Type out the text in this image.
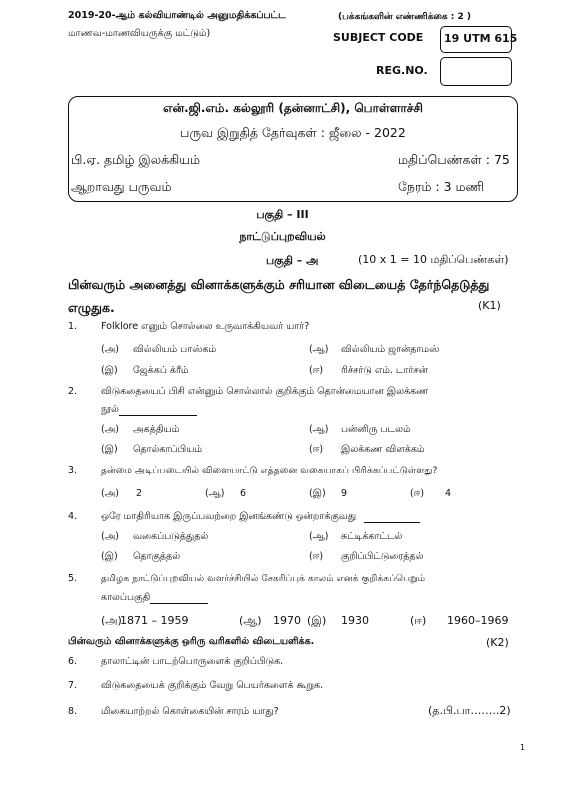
2019-20-ஆம் கல்வியாண்டில் அனுமதிக்கப்பட்ட
மாணவ-மாணவியருக்கு மட்டும்)
(பக்கங்களின் எண்ணிக்கை : 2 )
SUBJECT CODE 19 UTM 615
REG.NO.
என்.ஜி.எம். கல்லூரி (தன்னாட்சி), பொள்ளாச்சி
பருவ இறுதித் தேர்வுகள் : ஜீலை - 2022
பி.ஏ. தமிழ் இலக்கியம்	மதிப்பெண்கள் : 75
ஆறாவது பருவம்	நேரம் : 3 மணி
பகுதி – III
நாட்டுப்புறவியல்
பகுதி – அ	(10 x 1 = 10 மதிப்பெண்கள்)
பின்வரும் அனைத்து வினாக்களுக்கும் சரியான விடையைத் தேர்ந்தெடுத்து
எழுதுக.	(K1)
1.	Folklore எனும் சொல்லை உருவாக்கியவர் யார்?
(அ) வில்லியம் பாஸ்கம்	(ஆ) வில்லியம் ஜான்தாமஸ்
(இ) ஜேக்கப் க்ரீம்	(ஈ) ரிச்சர்டு எம். டார்சன்
2.	விடுகதையைப் பிசி என்னும் சொல்லால் குறிக்கும் தொன்மையான இலக்கண
நூல்
(அ) அகத்தியம்	(ஆ) பன்னிரு படலம்
(இ) தொல்காப்பியம்	(ஈ) இலக்கண விளக்கம்
3.	தன்மை அடிப்படையில் விளையாட்டு எத்தனை வகையாகப் பிரிக்கப்பட்டுள்ளது?
(அ) 2	(ஆ) 6	(இ) 9	(ஈ) 4
4.	ஒரே மாதிரியாக இருப்பவற்றை இனங்கண்டு ஒன்றாக்குவது
(அ) வகைப்படுத்துதல்	(ஆ) சுட்டிக்காட்டல்
(இ) தொகுத்தல்	(ஈ) குறிப்பிட்டுரைத்தல்
5.	தமிழக நாட்டுப்புறவியல் வளர்ச்சியில் சேகரிப்புக் காலம் எனக் குறிக்கப்பெறும்
காலப்பகுதி
(அ)
1871 – 1959	(ஆ) 1970 (இ) 1930	(ஈ) 1960–1969
பின்வரும் வினாக்களுக்கு ஒரிரு வரிகளில் விடையளிக்க.	(K2)
6.	தாலாட்டின் பாடற்பொருளைக் குறிப்பிடுக.
7.	விடுகதையைக் குறிக்கும் வேறு பெயர்களைக் கூறுக.
8.	மிகையாற்றல் கொள்கையின் சாரம் யாது?	(த.பி.பா……..2)
1
